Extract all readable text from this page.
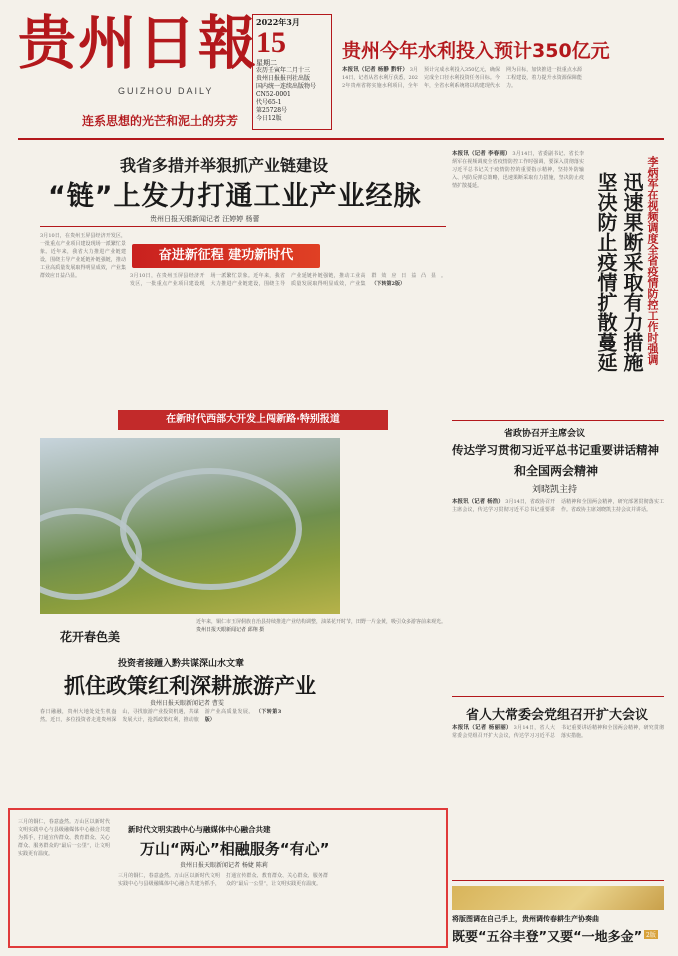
贵州日報
GUIZHOU DAILY
连系思想的光芒和泥土的芬芳
2022年3月
15
星期二
农历壬寅年二月十三
贵州日报报刊社出版
国内统一连续出版物号 CN52-0001
代号65-1
第25728号
今日12版
贵州今年水利投入预计350亿元
本报讯（记者 杨静 黔轩） 3月14日，记者从省水利厅获悉，2022年贵州省将实施水利项目，全年预计完成水利投入350亿元，确保完成全口径水利投资任务目标。今年，全省水利系统将以构建现代水网为目标，加快推进一批重点水源工程建设，着力提升水资源保障能力。
我省多措并举狠抓产业链建设
“链”上发力打通工业产业经脉
贵州日报天眼新闻记者 汪婷婷 杨蕾
奋进新征程 建功新时代
3月10日，在贵州玉屏县经济开发区，一批重点产业项目建设现场一派繁忙景象。近年来，我省大力推进产业链建设，围绕主导产业延链补链强链，推动工业高质量发展取得明显成效，产业集群效应日益凸显。	3月10日，在贵州玉屏县经济开发区，一批重点产业项目建设现场一派繁忙景象。近年来，我省大力推进产业链建设，围绕主导产业延链补链强链，推动工业高质量发展取得明显成效，产业集群效应日益凸显。 （下转第2版）	李炳军在视频调度全省疫情防控工作时强调
迅速果断采取有力措施
坚决防止疫情扩散蔓延
本报讯（记者 李春雨） 3月14日，省委副书记、省长李炳军在视频调度全省疫情防控工作时强调，要深入贯彻落实习近平总书记关于疫情防控的重要指示精神，坚持外防输入、内防反弹总策略，迅速果断采取有力措施，坚决防止疫情扩散蔓延。
在新时代西部大开发上闯新路·特别报道
近年来，铜仁市玉屏侗族自治县持续推进产业结构调整，油菜花开时节，田野一片金黄，吸引众多游客前来观光。 贵州日报天眼新闻记者 邱翔 摄
花开春色美
省政协召开主席会议
传达学习贯彻习近平总书记重要讲话精神
和全国两会精神
刘晓凯主持
本报讯（记者 杨浩） 3月14日，省政协召开主席会议，传达学习贯彻习近平总书记重要讲话精神和全国两会精神，研究部署贯彻落实工作。省政协主席刘晓凯主持会议并讲话。
投资者接踵入黔共谋深山水文章
抓住政策红利深耕旅游产业
贵州日报天眼新闻记者 曹雯
春日融融，贵州大地处处生机盎然。近日，多位投资者走进贵州深山，寻找旅游产业投资机遇，共谋发展大计，抢抓政策红利，推动旅游产业高质量发展。 （下转第3版）	省人大常委会党组召开扩大会议
本报讯（记者 杨丽丽） 3月14日，省人大常委会党组召开扩大会议，传达学习习近平总书记重要讲话精神和全国两会精神，研究贯彻落实措施。
三月的铜仁，春意盎然。万山区以新时代文明实践中心与县级融媒体中心融合共建为抓手，打通宣传群众、教育群众、关心群众、服务群众的“最后一公里”，让文明实践更有温度。
新时代文明实践中心与融媒体中心融合共建
万山“两心”相融服务“有心”
贵州日报天眼新闻记者 杨婕 陈莉
三月的铜仁，春意盎然。万山区以新时代文明实践中心与县级融媒体中心融合共建为抓手，打通宣传群众、教育群众、关心群众、服务群众的“最后一公里”，让文明实践更有温度。
将版图调在自己手上，贵州调传春耕生产协奏曲
既要“五谷丰登”又要“一地多金” 2版
